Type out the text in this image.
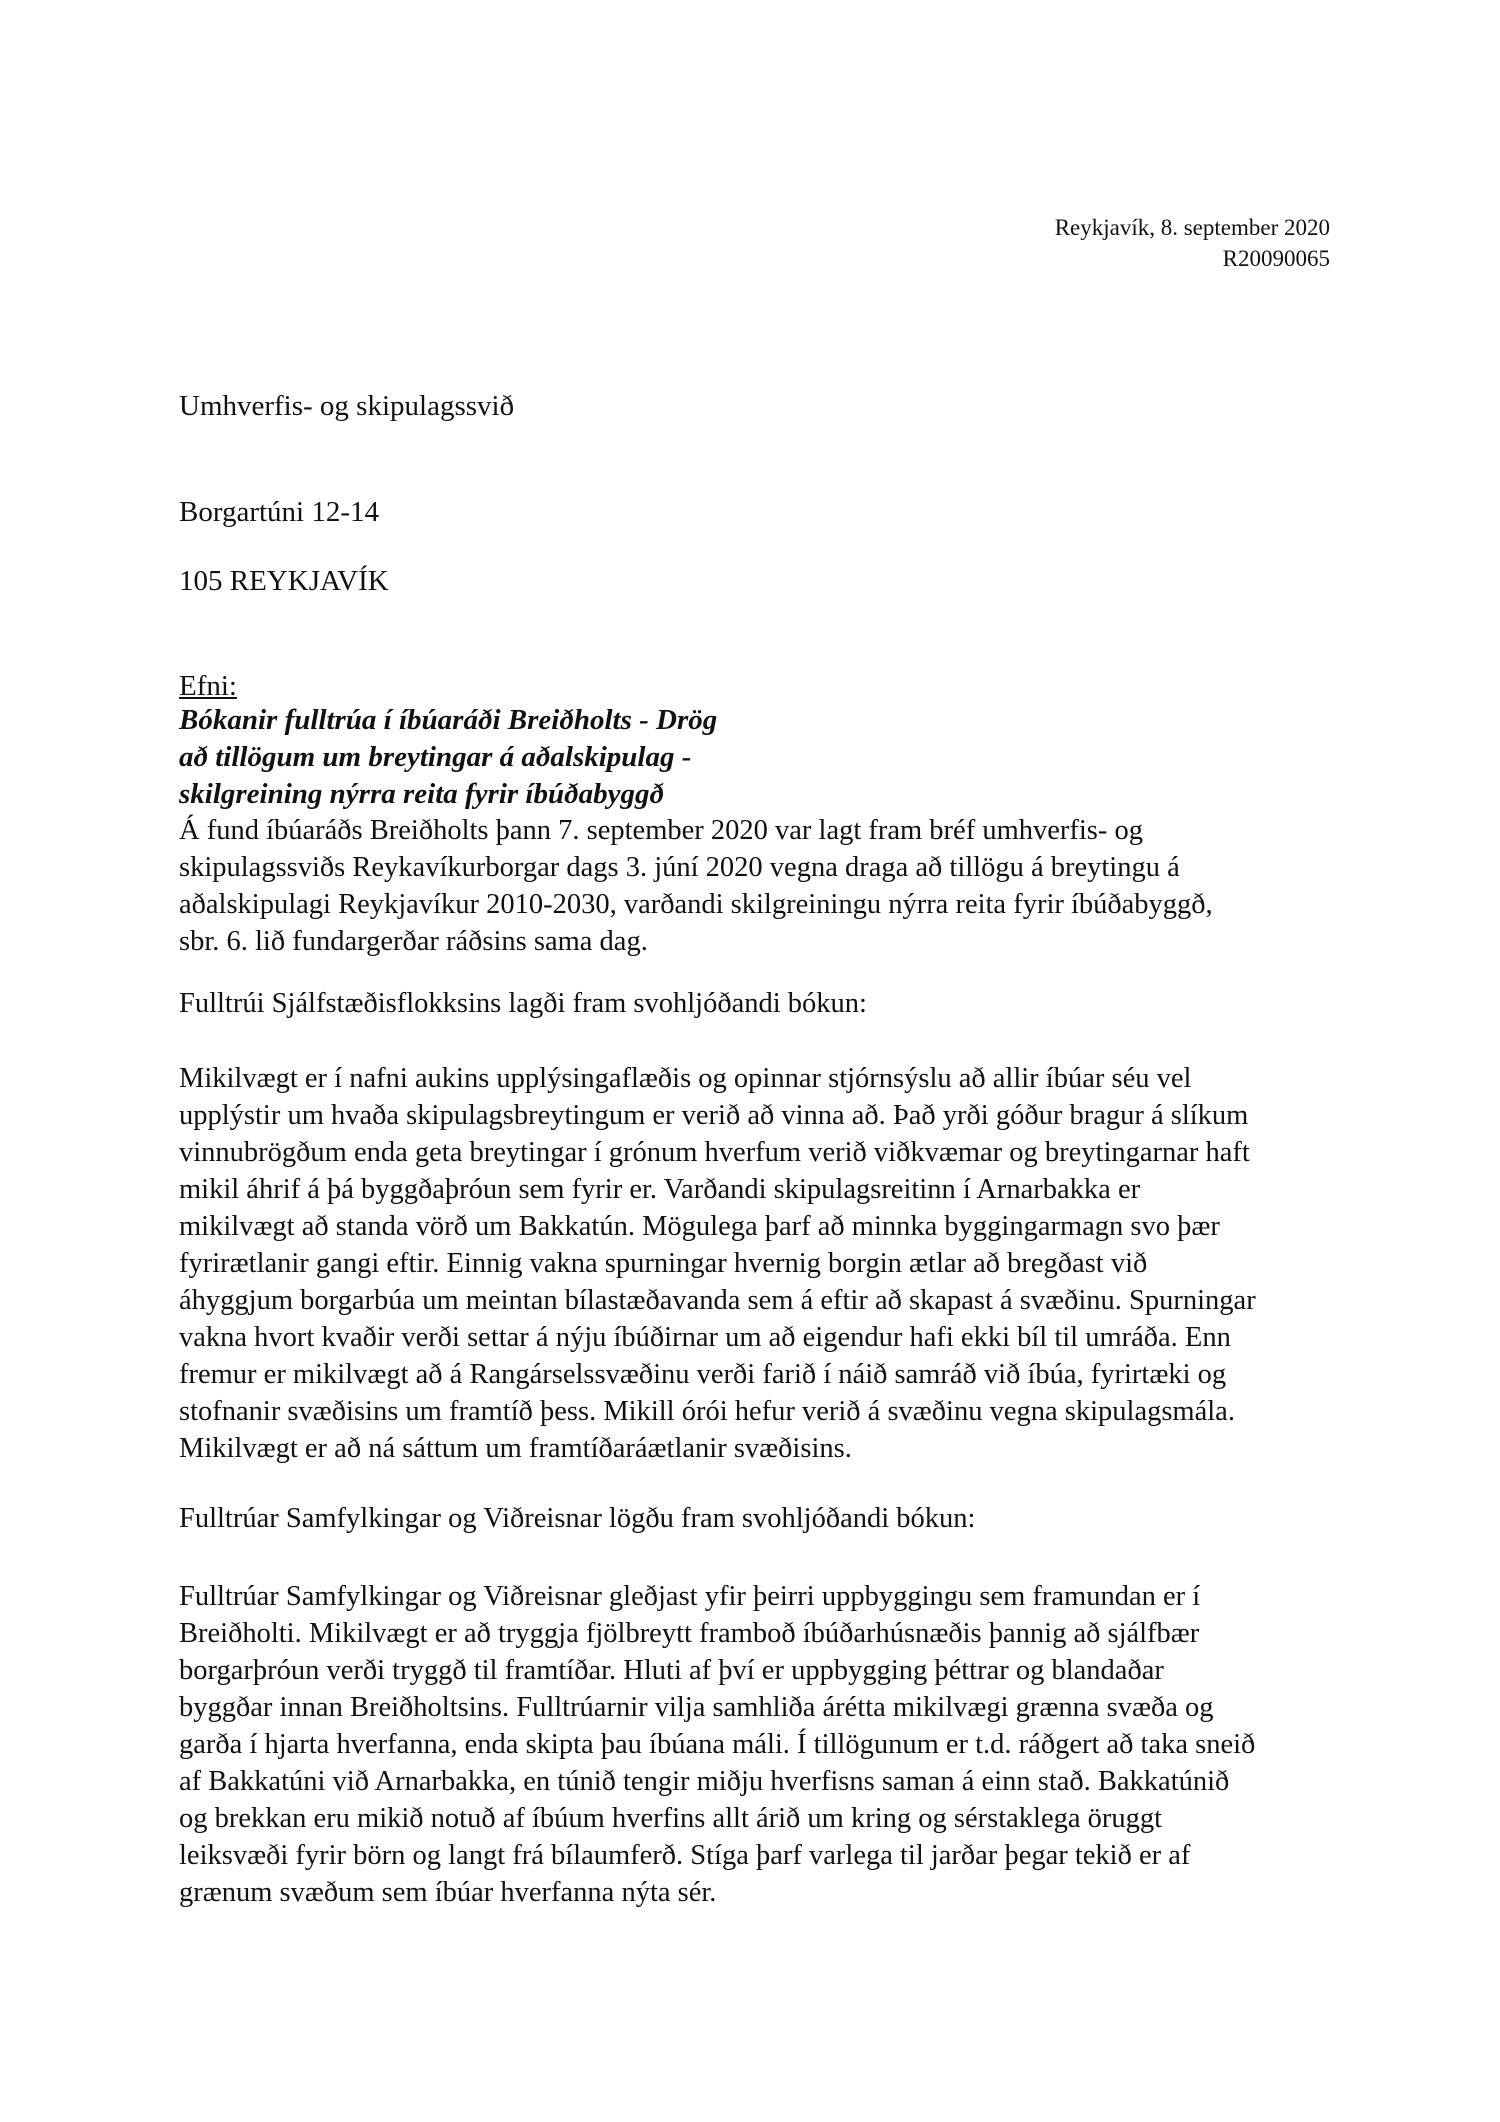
Reykjavík, 8. september 2020
R20090065
Umhverfis- og skipulagssvið
Borgartúni 12-14
105 REYKJAVÍK
Efni:
Bókanir fulltrúa í íbúaráði Breiðholts - Drög
að tillögum um breytingar á aðalskipulag -
skilgreining nýrra reita fyrir íbúðabyggð
Á fund íbúaráðs Breiðholts þann 7. september 2020 var lagt fram bréf umhverfis- og
skipulagssviðs Reykavíkurborgar dags 3. júní 2020 vegna draga að tillögu á breytingu á
aðalskipulagi Reykjavíkur 2010-2030, varðandi skilgreiningu nýrra reita fyrir íbúðabyggð,
sbr. 6. lið fundargerðar ráðsins sama dag.
Fulltrúi Sjálfstæðisflokksins lagði fram svohljóðandi bókun:
Mikilvægt er í nafni aukins upplýsingaflæðis og opinnar stjórnsýslu að allir íbúar séu vel
upplýstir um hvaða skipulagsbreytingum er verið að vinna að. Það yrði góður bragur á slíkum
vinnubrögðum enda geta breytingar í grónum hverfum verið viðkvæmar og breytingarnar haft
mikil áhrif á þá byggðaþróun sem fyrir er. Varðandi skipulagsreitinn í Arnarbakka er
mikilvægt að standa vörð um Bakkatún. Mögulega þarf að minnka byggingarmagn svo þær
fyrirætlanir gangi eftir. Einnig vakna spurningar hvernig borgin ætlar að bregðast við
áhyggjum borgarbúa um meintan bílastæðavanda sem á eftir að skapast á svæðinu. Spurningar
vakna hvort kvaðir verði settar á nýju íbúðirnar um að eigendur hafi ekki bíl til umráða. Enn
fremur er mikilvægt að á Rangárselssvæðinu verði farið í náið samráð við íbúa, fyrirtæki og
stofnanir svæðisins um framtíð þess. Mikill órói hefur verið á svæðinu vegna skipulagsmála.
Mikilvægt er að ná sáttum um framtíðaráætlanir svæðisins.
Fulltrúar Samfylkingar og Viðreisnar lögðu fram svohljóðandi bókun:
Fulltrúar Samfylkingar og Viðreisnar gleðjast yfir þeirri uppbyggingu sem framundan er í
Breiðholti. Mikilvægt er að tryggja fjölbreytt framboð íbúðarhúsnæðis þannig að sjálfbær
borgarþróun verði tryggð til framtíðar. Hluti af því er uppbygging þéttrar og blandaðar
byggðar innan Breiðholtsins. Fulltrúarnir vilja samhliða árétta mikilvægi grænna svæða og
garða í hjarta hverfanna, enda skipta þau íbúana máli. Í tillögunum er t.d. ráðgert að taka sneið
af Bakkatúni við Arnarbakka, en túnið tengir miðju hverfisns saman á einn stað. Bakkatúnið
og brekkan eru mikið notuð af íbúum hverfins allt árið um kring og sérstaklega öruggt
leiksvæði fyrir börn og langt frá bílaumferð. Stíga þarf varlega til jarðar þegar tekið er af
grænum svæðum sem íbúar hverfanna nýta sér.
